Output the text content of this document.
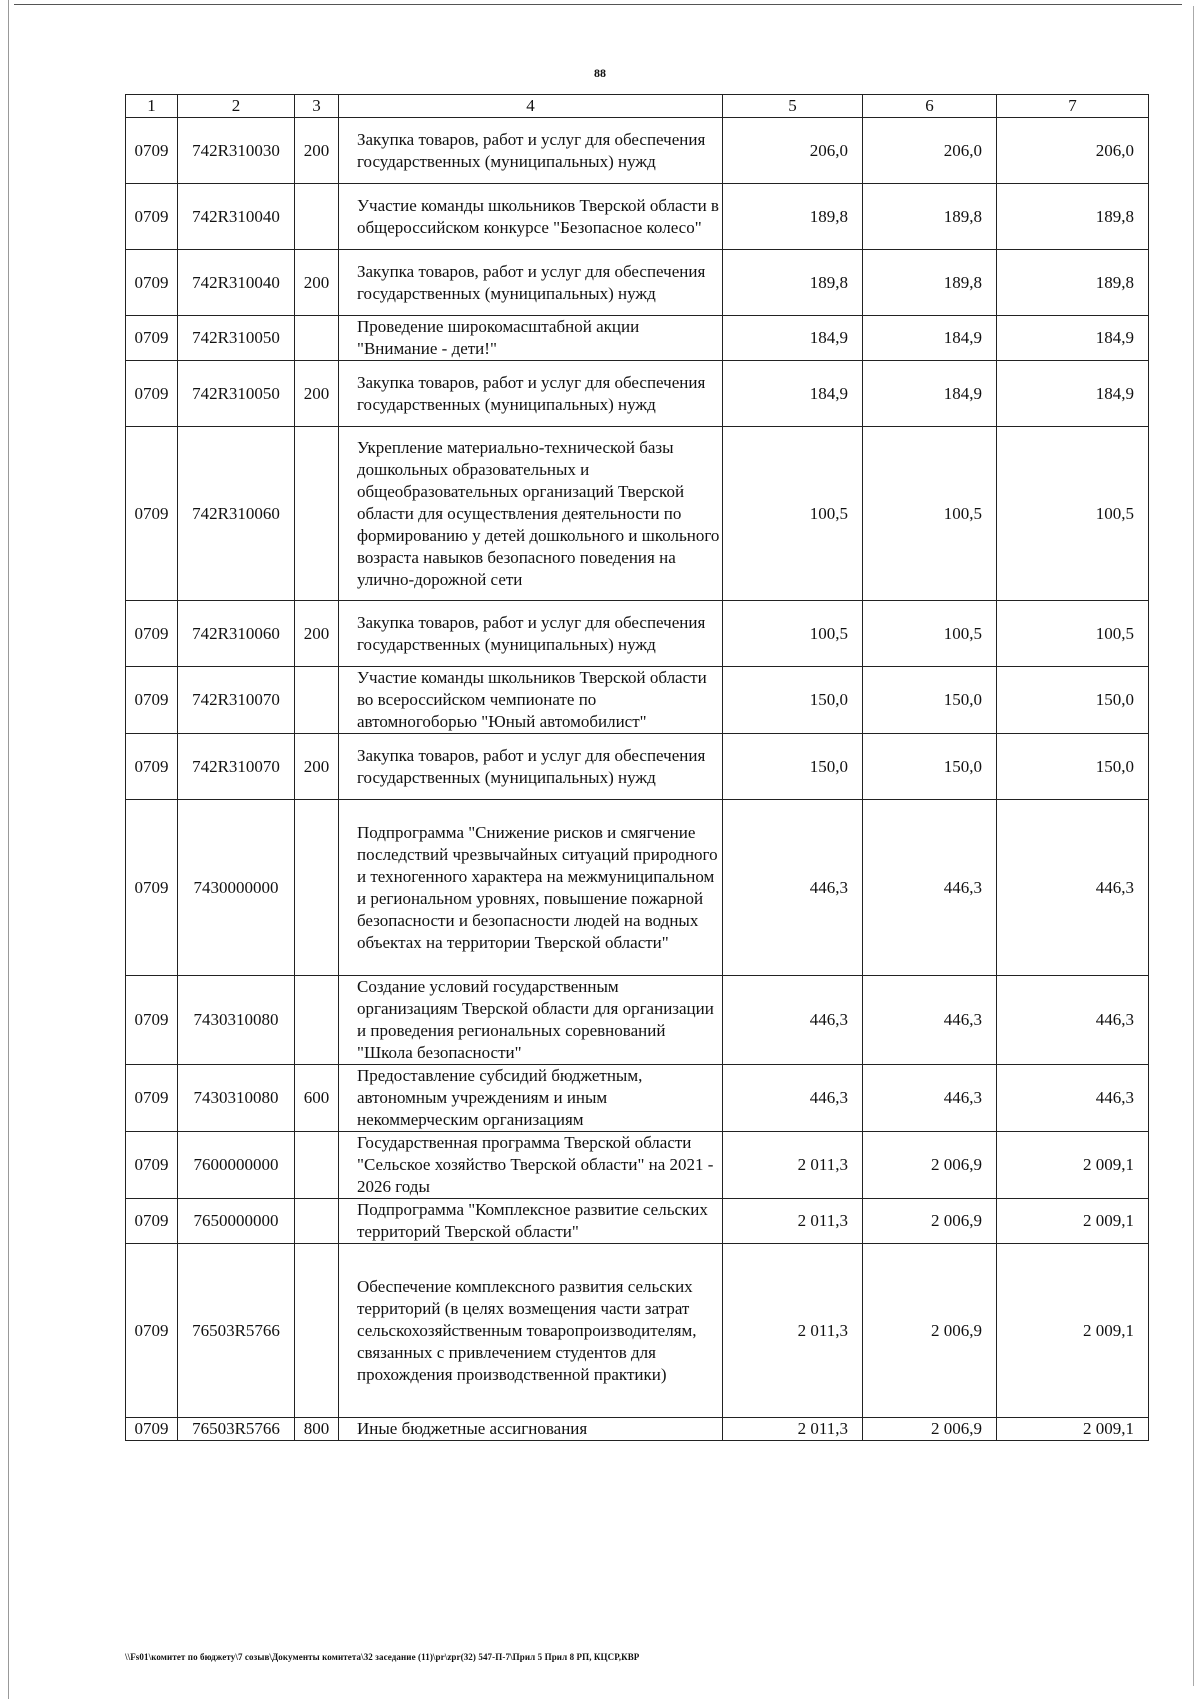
88
1	2	3	4	5	6	7
0709	742R310030	200	Закупка товаров, работ и услуг для обеспечения государственных (муниципальных) нужд	206,0	206,0	206,0
0709	742R310040		Участие команды школьников Тверской области в общероссийском конкурсе "Безопасное колесо"	189,8	189,8	189,8
0709	742R310040	200	Закупка товаров, работ и услуг для обеспечения государственных (муниципальных) нужд	189,8	189,8	189,8
0709	742R310050		Проведение широкомасштабной акции "Внимание - дети!"	184,9	184,9	184,9
0709	742R310050	200	Закупка товаров, работ и услуг для обеспечения государственных (муниципальных) нужд	184,9	184,9	184,9
0709	742R310060		Укрепление материально-технической базы дошкольных образовательных и общеобразовательных организаций Тверской области для осуществления деятельности по формированию у детей дошкольного и школьного возраста навыков безопасного поведения на улично-дорожной сети	100,5	100,5	100,5
0709	742R310060	200	Закупка товаров, работ и услуг для обеспечения государственных (муниципальных) нужд	100,5	100,5	100,5
0709	742R310070		Участие команды школьников Тверской области во всероссийском чемпионате по автомногоборью "Юный автомобилист"	150,0	150,0	150,0
0709	742R310070	200	Закупка товаров, работ и услуг для обеспечения государственных (муниципальных) нужд	150,0	150,0	150,0
0709	7430000000		Подпрограмма "Снижение рисков и смягчение последствий чрезвычайных ситуаций природного и техногенного характера на межмуниципальном и региональном уровнях, повышение пожарной безопасности и безопасности людей на водных объектах на территории Тверской области"	446,3	446,3	446,3
0709	7430310080		Создание условий государственным организациям Тверской области для организации и проведения региональных соревнований "Школа безопасности"	446,3	446,3	446,3
0709	7430310080	600	Предоставление субсидий бюджетным, автономным учреждениям и иным некоммерческим организациям	446,3	446,3	446,3
0709	7600000000		Государственная программа Тверской области "Сельское хозяйство Тверской области" на 2021 - 2026 годы	2 011,3	2 006,9	2 009,1
0709	7650000000		Подпрограмма "Комплексное развитие сельских территорий Тверской области"	2 011,3	2 006,9	2 009,1
0709	76503R5766		Обеспечение комплексного развития сельских территорий (в целях возмещения части затрат сельскохозяйственным товаропроизводителям, связанных с привлечением студентов для прохождения производственной практики)	2 011,3	2 006,9	2 009,1
0709	76503R5766	800	Иные бюджетные ассигнования	2 011,3	2 006,9	2 009,1
\\Fs01\комитет по бюджету\7 созыв\Документы комитета\32 заседание (11)\pr\zpr(32) 547-П-7\Прил 5 Прил 8 РП, КЦСР,КВР
